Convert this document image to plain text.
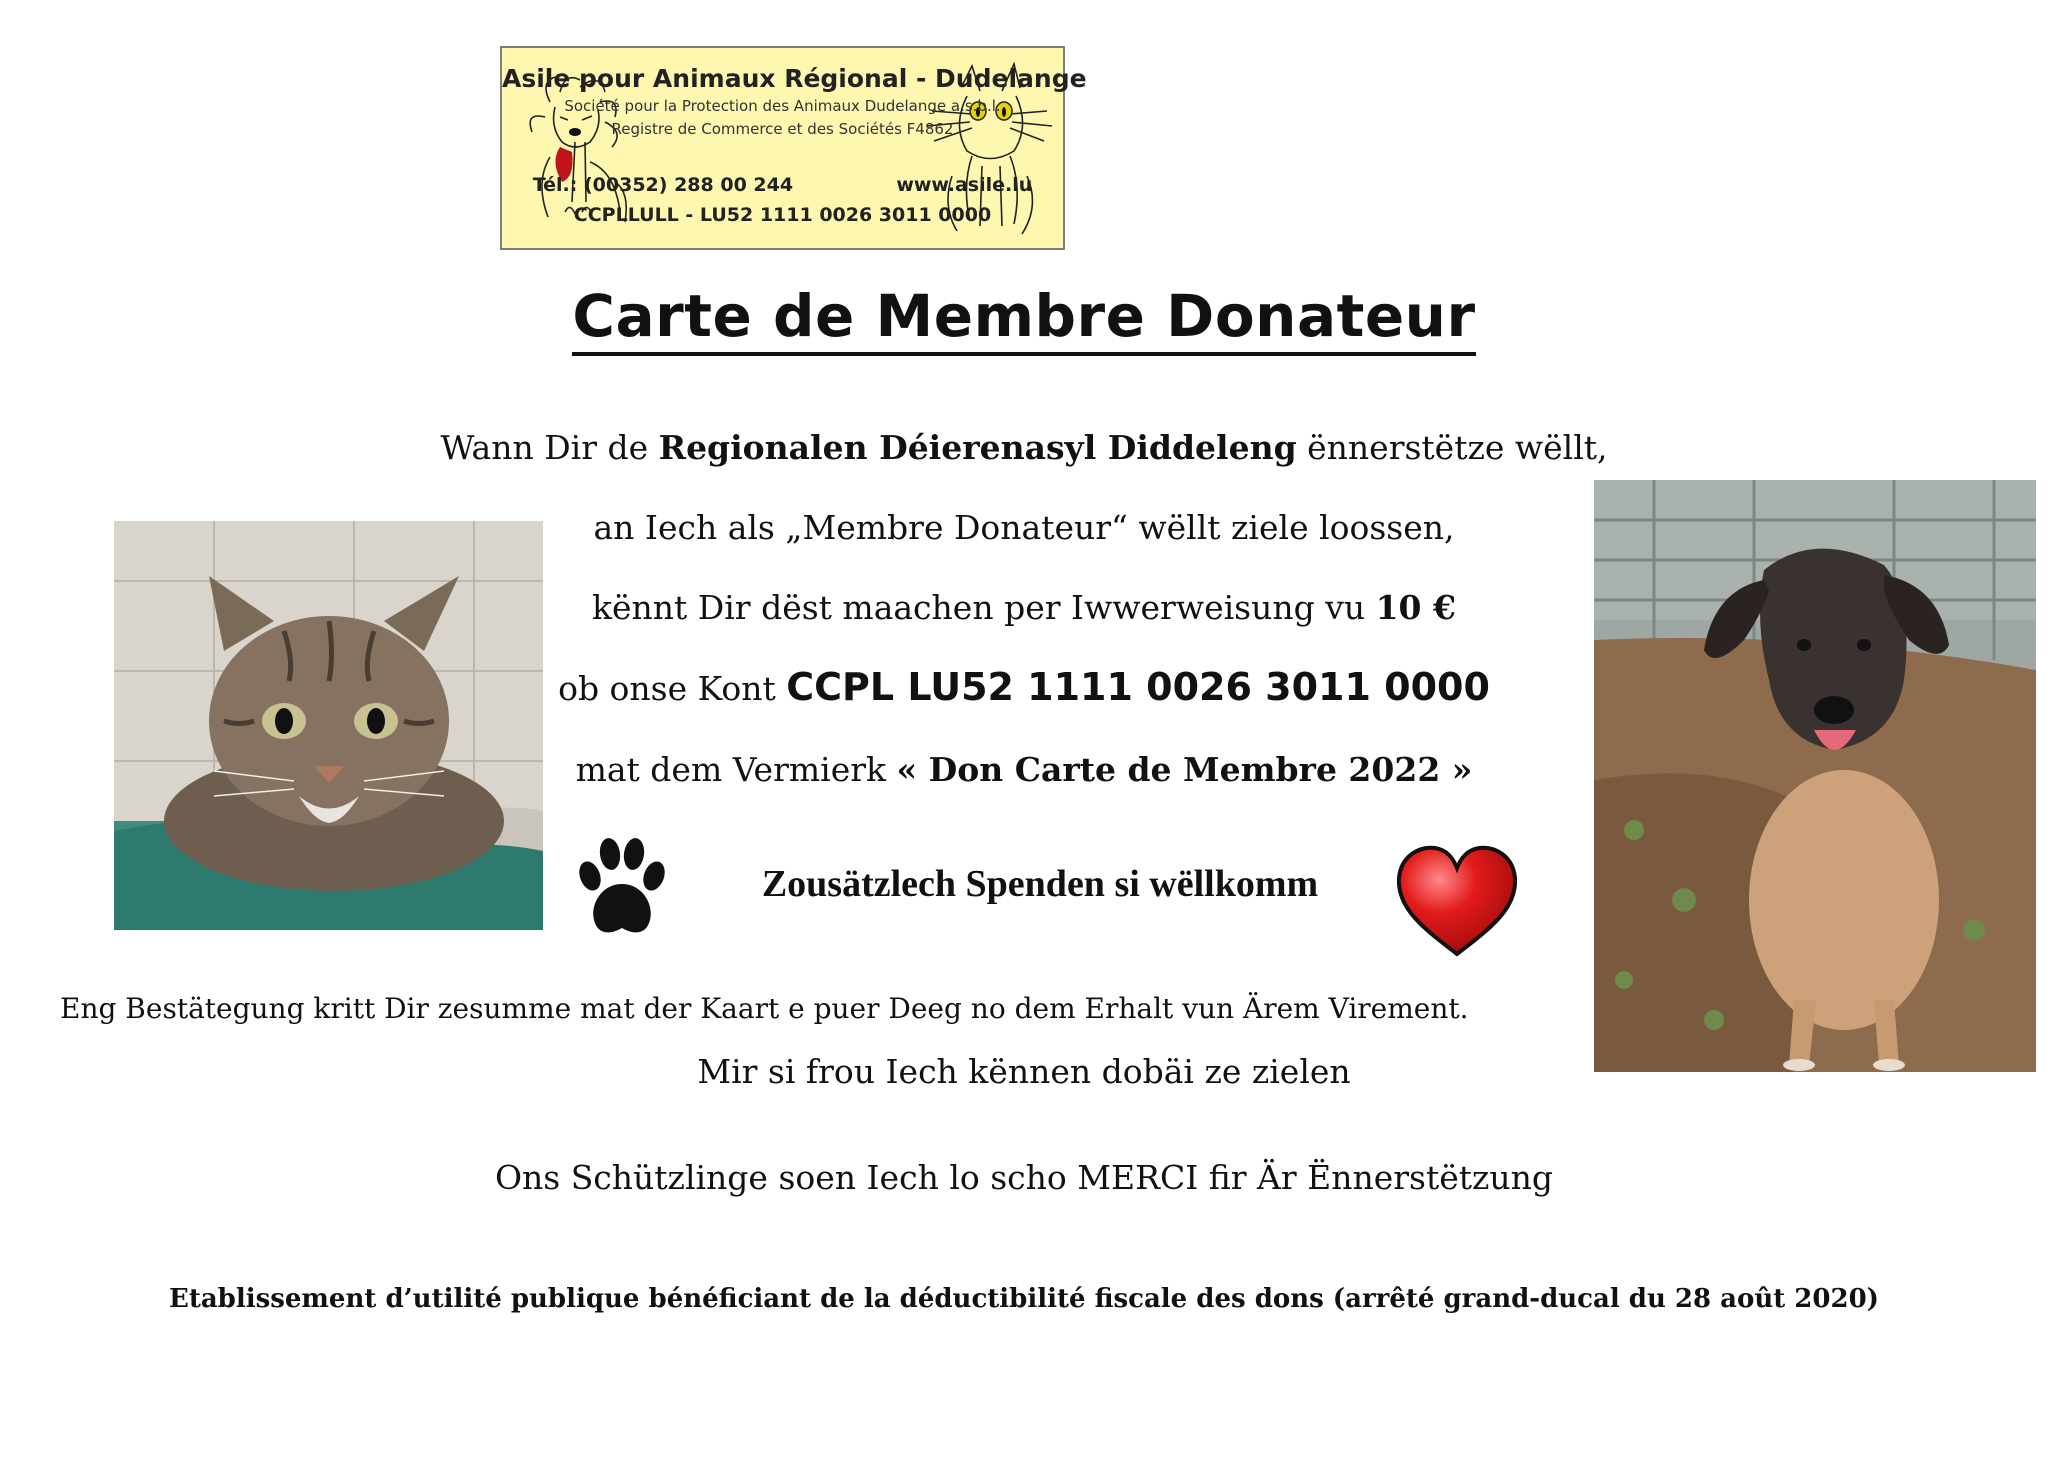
Asile pour Animaux Régional - Dudelange
Société pour la Protection des Animaux Dudelange a.s.b.l.
Registre de Commerce et des Sociétés F4862
Tél.: (00352) 288 00 244	www.asile.lu
CCPLLULL - LU52 1111 0026 3011 0000
Carte de Membre Donateur
Wann Dir de Regionalen Déierenasyl Diddeleng ënnerstëtze wëllt,
an Iech als „Membre Donateur“ wëllt ziele loossen,
kënnt Dir dëst maachen per Iwwerweisung vu 10 €
ob onse Kont CCPL LU52 1111 0026 3011 0000
mat dem Vermierk « Don Carte de Membre 2022 »
Zousätzlech Spenden si wëllkomm
Eng Bestätegung kritt Dir zesumme mat der Kaart e puer Deeg no dem Erhalt vun Ärem Virement.
Mir si frou Iech kënnen dobäi ze zielen
Ons Schützlinge soen Iech lo scho MERCI fir Är Ënnerstëtzung
Etablissement d’utilité publique bénéficiant de la déductibilité fiscale des dons (arrêté grand-ducal du 28 août 2020)
